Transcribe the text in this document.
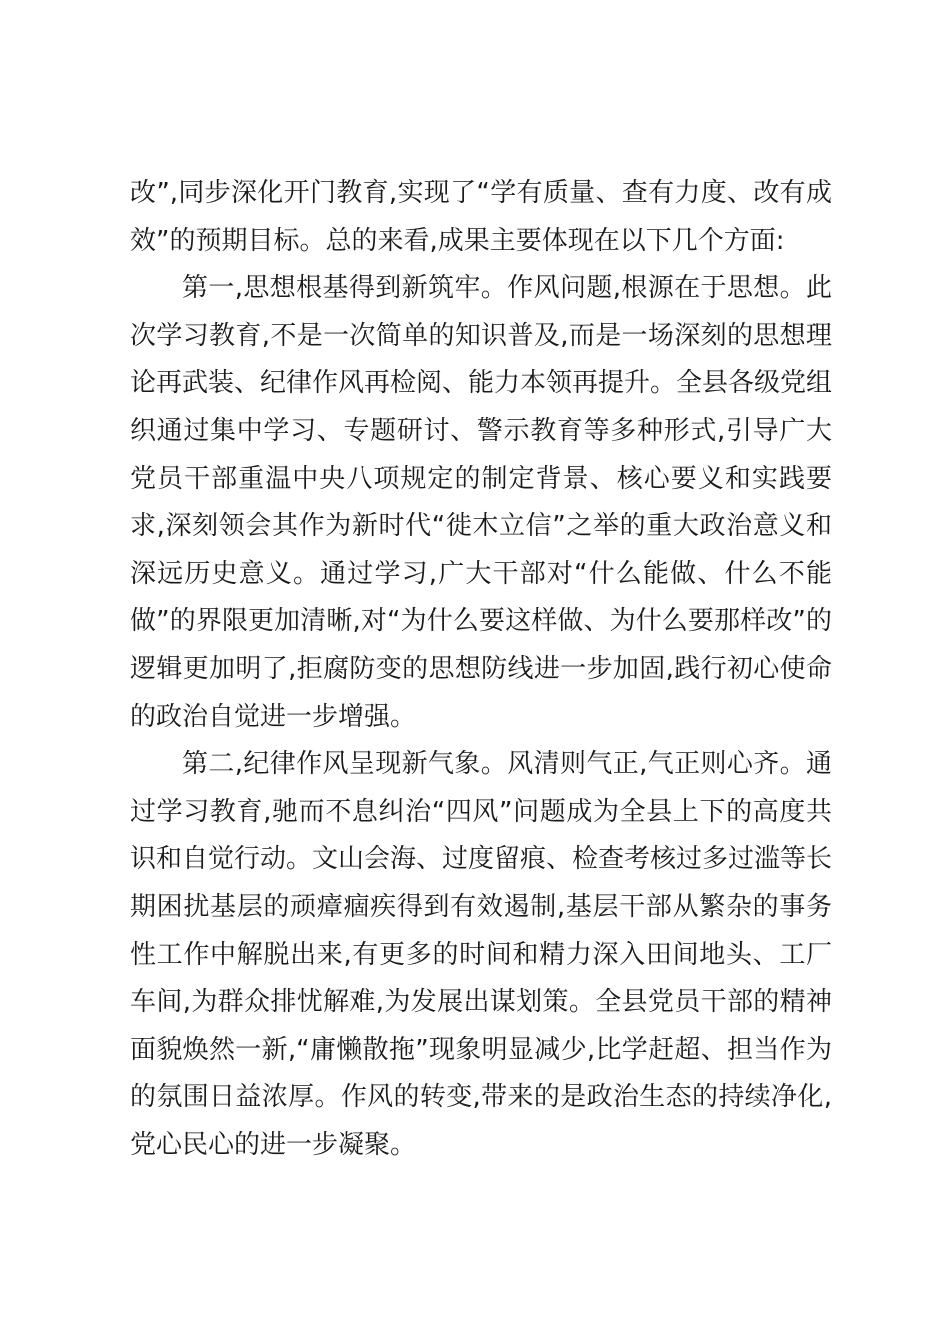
改”,同步深化开门教育,实现了“学有质量、查有力度、改有成效”的预期目标。总的来看,成果主要体现在以下几个方面:

第一,思想根基得到新筑牢。作风问题,根源在于思想。此次学习教育,不是一次简单的知识普及,而是一场深刻的思想理论再武装、纪律作风再检阅、能力本领再提升。全县各级党组织通过集中学习、专题研讨、警示教育等多种形式,引导广大党员干部重温中央八项规定的制定背景、核心要义和实践要求,深刻领会其作为新时代“徙木立信”之举的重大政治意义和深远历史意义。通过学习,广大干部对“什么能做、什么不能做”的界限更加清晰,对“为什么要这样做、为什么要那样改”的逻辑更加明了,拒腐防变的思想防线进一步加固,践行初心使命的政治自觉进一步增强。

第二,纪律作风呈现新气象。风清则气正,气正则心齐。通过学习教育,驰而不息纠治“四风”问题成为全县上下的高度共识和自觉行动。文山会海、过度留痕、检查考核过多过滥等长期困扰基层的顽瘴痼疾得到有效遏制,基层干部从繁杂的事务性工作中解脱出来,有更多的时间和精力深入田间地头、工厂车间,为群众排忧解难,为发展出谋划策。全县党员干部的精神面貌焕然一新,“庸懒散拖”现象明显减少,比学赶超、担当作为的氛围日益浓厚。作风的转变,带来的是政治生态的持续净化,党心民心的进一步凝聚。
